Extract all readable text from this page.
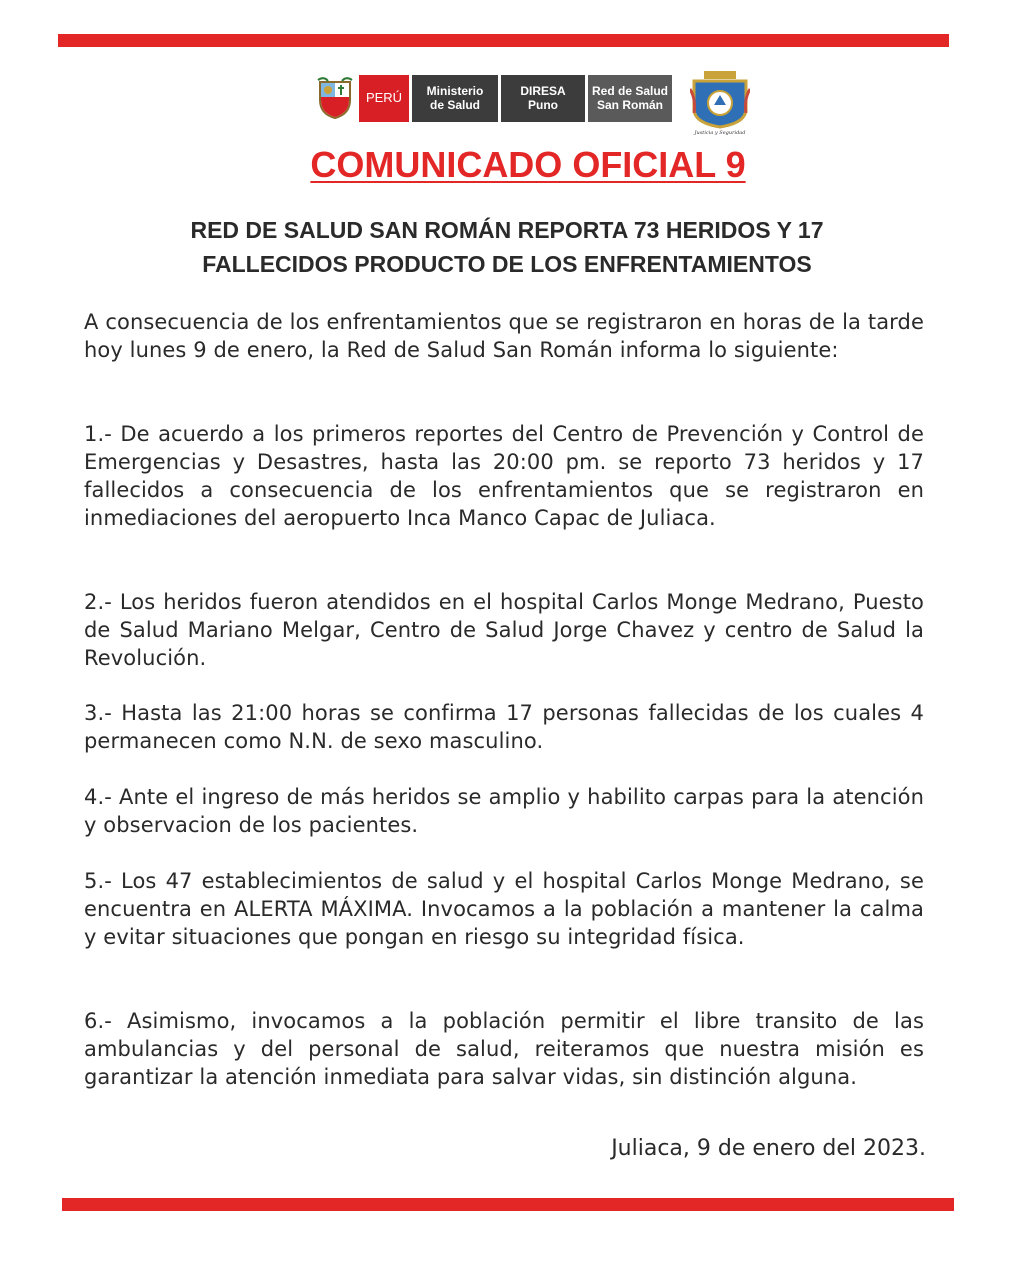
PERÚ Ministerio
de Salud
DIRESA
Puno
Red de Salud
San Román
Justicia y Seguridad
COMUNICADO OFICIAL 9
RED DE SALUD SAN ROMÁN REPORTA 73 HERIDOS Y 17
FALLECIDOS PRODUCTO DE LOS ENFRENTAMIENTOS

A consecuencia de los enfrentamientos que se registraron en horas de la tarde hoy lunes 9 de enero, la Red de Salud San Román informa lo siguiente:

1.- De acuerdo a los primeros reportes del Centro de Prevención y Control de Emergencias y Desastres, hasta las 20:00 pm. se reporto 73 heridos y 17 fallecidos a consecuencia de los enfrentamientos que se registraron en inmediaciones del aeropuerto Inca Manco Capac de Juliaca.

2.- Los heridos fueron atendidos en el hospital Carlos Monge Medrano, Puesto de Salud Mariano Melgar, Centro de Salud Jorge Chavez y centro de Salud la Revolución.

3.- Hasta las 21:00 horas se confirma 17 personas fallecidas de los cuales 4 permanecen como N.N. de sexo masculino.

4.- Ante el ingreso de más heridos se amplio y habilito carpas para la atención y observacion de los pacientes.

5.- Los 47 establecimientos de salud y el hospital Carlos Monge Medrano, se encuentra en ALERTA MÁXIMA. Invocamos a la población a mantener la calma y evitar situaciones que pongan en riesgo su integridad física.

6.- Asimismo, invocamos a la población permitir el libre transito de las ambulancias y del personal de salud, reiteramos que nuestra misión es garantizar la atención inmediata para salvar vidas, sin distinción alguna.

Juliaca, 9 de enero del 2023.
